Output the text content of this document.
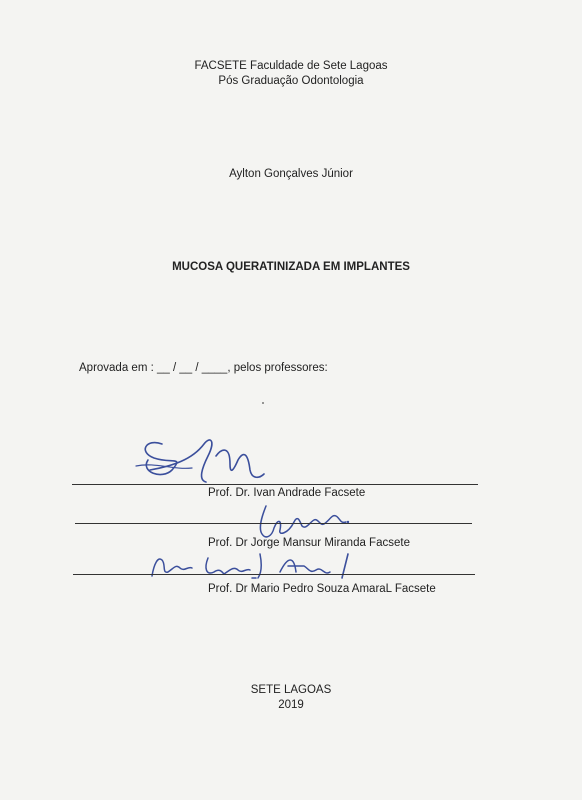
FACSETE Faculdade de Sete Lagoas
Pós Graduação Odontologia
Aylton Gonçalves Júnior
MUCOSA QUERATINIZADA EM IMPLANTES
Aprovada em : __ / __ / ____, pelos professores:
Prof. Dr. Ivan Andrade Facsete
Prof. Dr Jorge Mansur Miranda Facsete
Prof. Dr Mario Pedro Souza AmaraL Facsete
SETE LAGOAS
2019
